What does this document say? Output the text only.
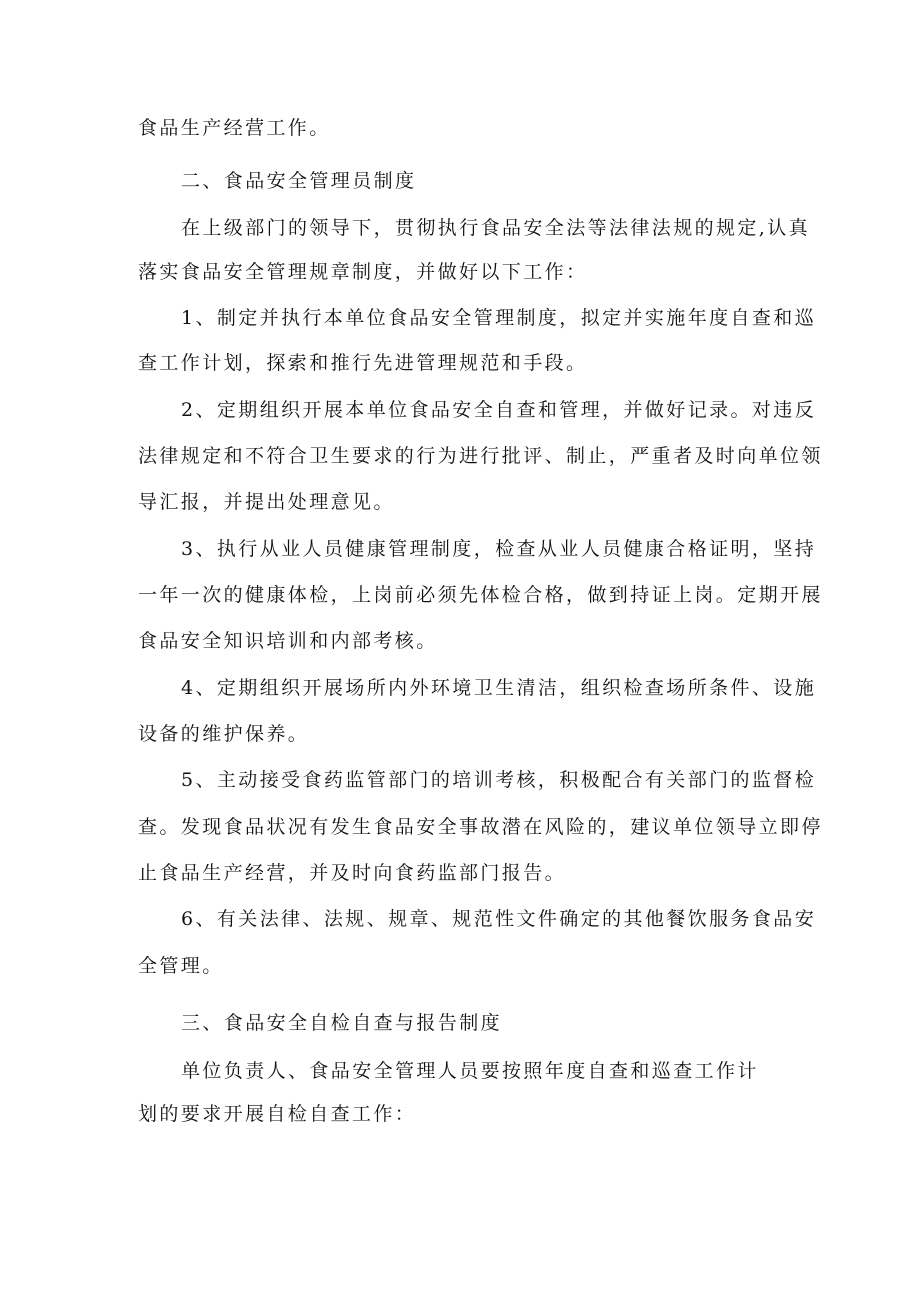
食品生产经营工作。
二、食品安全管理员制度
在上级部门的领导下，贯彻执行食品安全法等法律法规的规定,认真
落实食品安全管理规章制度，并做好以下工作：
1、制定并执行本单位食品安全管理制度，拟定并实施年度自查和巡
查工作计划，探索和推行先进管理规范和手段。
2、定期组织开展本单位食品安全自查和管理，并做好记录。对违反
法律规定和不符合卫生要求的行为进行批评、制止，严重者及时向单位领
导汇报，并提出处理意见。
3、执行从业人员健康管理制度，检查从业人员健康合格证明，坚持
一年一次的健康体检，上岗前必须先体检合格，做到持证上岗。定期开展
食品安全知识培训和内部考核。
4、定期组织开展场所内外环境卫生清洁，组织检查场所条件、设施
设备的维护保养。
5、主动接受食药监管部门的培训考核，积极配合有关部门的监督检
查。发现食品状况有发生食品安全事故潜在风险的，建议单位领导立即停
止食品生产经营，并及时向食药监部门报告。
6、有关法律、法规、规章、规范性文件确定的其他餐饮服务食品安
全管理。
三、食品安全自检自查与报告制度
单位负责人、食品安全管理人员要按照年度自查和巡查工作计
划的要求开展自检自查工作：
